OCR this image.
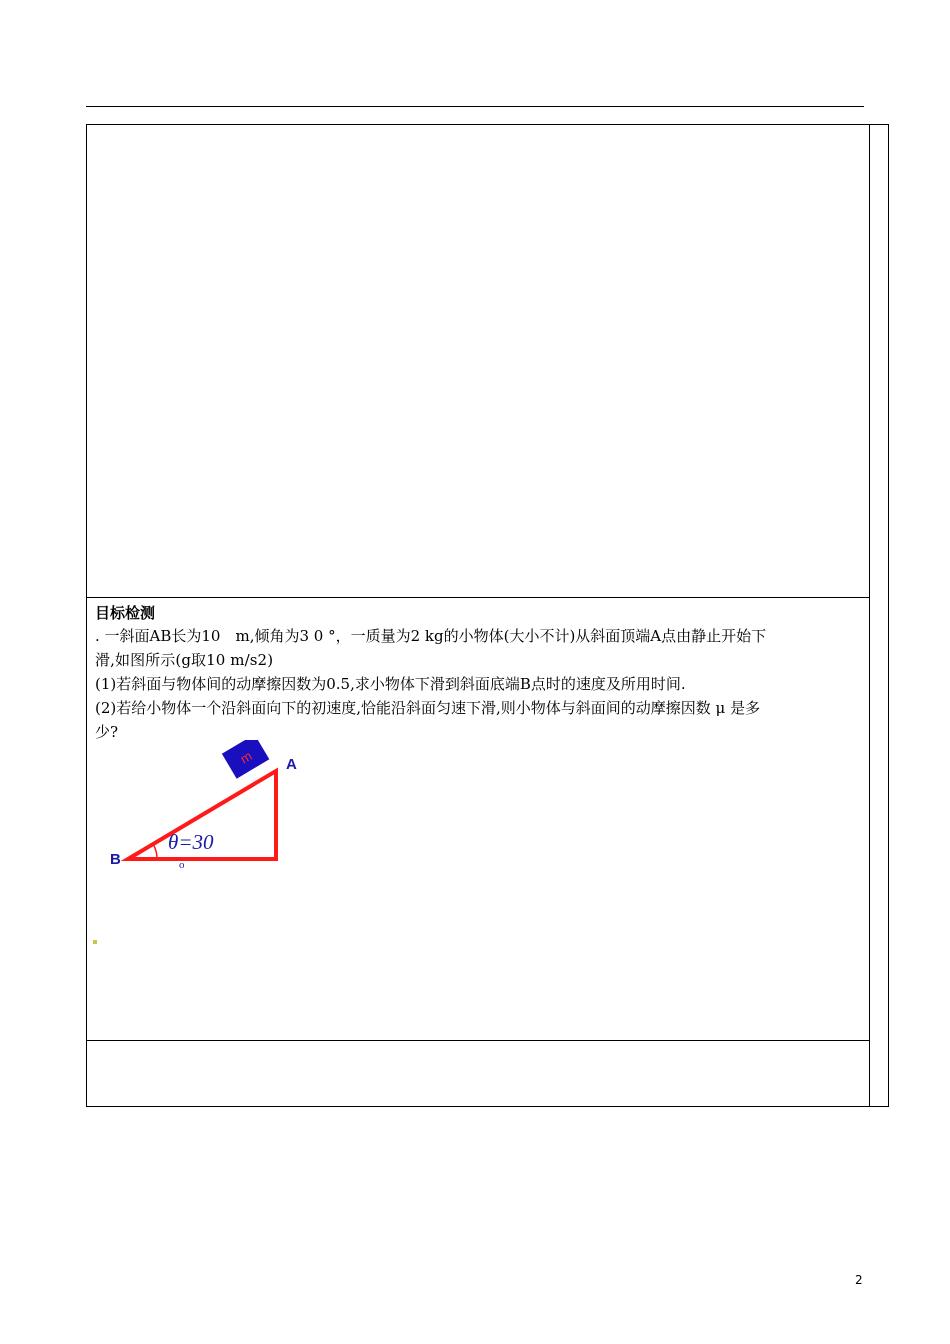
目标检测

. 一斜面AB长为10　m,倾角为3 0 °，一质量为2 kg的小物体(大小不计)从斜面顶端A点由静止开始下

滑,如图所示(g取10 m/s2)

(1)若斜面与物体间的动摩擦因数为0.5,求小物体下滑到斜面底端B点时的速度及所用时间.

(2)若给小物体一个沿斜面向下的初速度,恰能沿斜面匀速下滑,则小物体与斜面间的动摩擦因数 μ 是多

少?

m A
B
θ=30
o
2
